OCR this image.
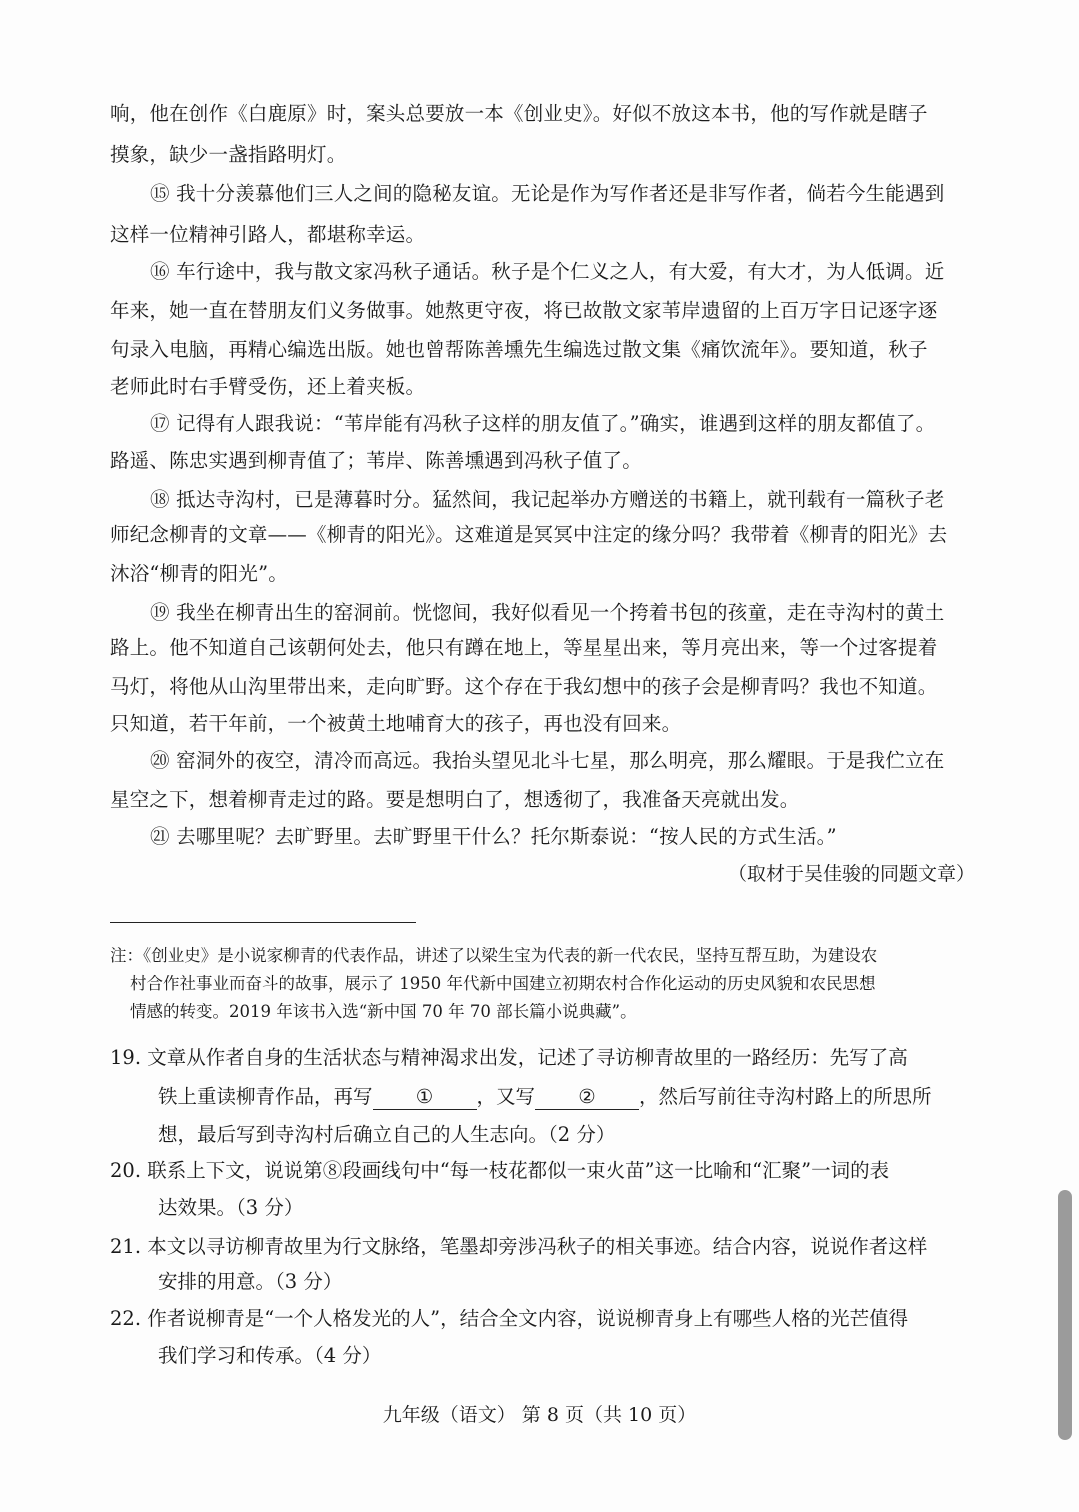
响，他在创作《白鹿原》时，案头总要放一本《创业史》。好似不放这本书，他的写作就是瞎子
摸象，缺少一盏指路明灯。
⑮ 我十分羡慕他们三人之间的隐秘友谊。无论是作为写作者还是非写作者，倘若今生能遇到
这样一位精神引路人，都堪称幸运。
⑯ 车行途中，我与散文家冯秋子通话。秋子是个仁义之人，有大爱，有大才，为人低调。近
年来，她一直在替朋友们义务做事。她熬更守夜，将已故散文家苇岸遗留的上百万字日记逐字逐
句录入电脑，再精心编选出版。她也曾帮陈善壎先生编选过散文集《痛饮流年》。要知道，秋子
老师此时右手臂受伤，还上着夹板。
⑰ 记得有人跟我说：“苇岸能有冯秋子这样的朋友值了。”确实，谁遇到这样的朋友都值了。
路遥、陈忠实遇到柳青值了；苇岸、陈善壎遇到冯秋子值了。
⑱ 抵达寺沟村，已是薄暮时分。猛然间，我记起举办方赠送的书籍上，就刊载有一篇秋子老
师纪念柳青的文章——《柳青的阳光》。这难道是冥冥中注定的缘分吗？我带着《柳青的阳光》去
沐浴“柳青的阳光”。
⑲ 我坐在柳青出生的窑洞前。恍惚间，我好似看见一个挎着书包的孩童，走在寺沟村的黄土
路上。他不知道自己该朝何处去，他只有蹲在地上，等星星出来，等月亮出来，等一个过客提着
马灯，将他从山沟里带出来，走向旷野。这个存在于我幻想中的孩子会是柳青吗？我也不知道。
只知道，若干年前，一个被黄土地哺育大的孩子，再也没有回来。
⑳ 窑洞外的夜空，清冷而高远。我抬头望见北斗七星，那么明亮，那么耀眼。于是我伫立在
星空之下，想着柳青走过的路。要是想明白了，想透彻了，我准备天亮就出发。
㉑ 去哪里呢？去旷野里。去旷野里干什么？托尔斯泰说：“按人民的方式生活。”
（取材于吴佳骏的同题文章）
注：《创业史》是小说家柳青的代表作品，讲述了以梁生宝为代表的新一代农民，坚持互帮互助，为建设农
村合作社事业而奋斗的故事，展示了 1950 年代新中国建立初期农村合作化运动的历史风貌和农民思想
情感的转变。2019 年该书入选“新中国 70 年 70 部长篇小说典藏”。
19. 文章从作者自身的生活状态与精神渴求出发，记述了寻访柳青故里的一路经历：先写了高
铁上重读柳青作品，再写 ① ，又写 ② ，然后写前往寺沟村路上的所思所
想，最后写到寺沟村后确立自己的人生志向。（2 分）
20. 联系上下文，说说第⑧段画线句中“每一枝花都似一束火苗”这一比喻和“汇聚”一词的表
达效果。（3 分）
21. 本文以寻访柳青故里为行文脉络，笔墨却旁涉冯秋子的相关事迹。结合内容，说说作者这样
安排的用意。（3 分）
22. 作者说柳青是“一个人格发光的人”，结合全文内容，说说柳青身上有哪些人格的光芒值得
我们学习和传承。（4 分）
九年级（语文） 第 8 页（共 10 页）
